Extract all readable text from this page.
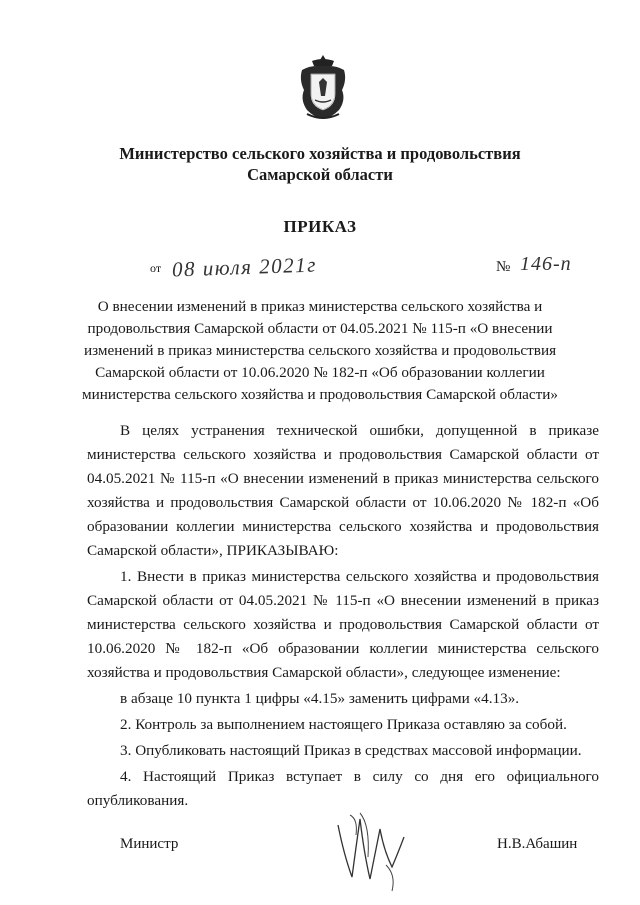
Министерство сельского хозяйства и продовольствия
Самарской области
ПРИКАЗ
от 08 июля 2021г	№ 146-п
О внесении изменений в приказ министерства сельского хозяйства и продовольствия Самарской области от 04.05.2021 № 115-п «О внесении изменений в приказ министерства сельского хозяйства и продовольствия Самарской области от 10.06.2020 № 182-п «Об образовании коллегии министерства сельского хозяйства и продовольствия Самарской области»

В целях устранения технической ошибки, допущенной в приказе министерства сельского хозяйства и продовольствия Самарской области от 04.05.2021 № 115-п «О внесении изменений в приказ министерства сельского хозяйства и продовольствия Самарской области от 10.06.2020 № 182-п «Об образовании коллегии министерства сельского хозяйства и продовольствия Самарской области», ПРИКАЗЫВАЮ:

1. Внести в приказ министерства сельского хозяйства и продовольствия Самарской области от 04.05.2021 № 115-п «О внесении изменений в приказ министерства сельского хозяйства и продовольствия Самарской области от 10.06.2020 № 182-п «Об образовании коллегии министерства сельского хозяйства и продовольствия Самарской области», следующее изменение:

в абзаце 10 пункта 1 цифры «4.15» заменить цифрами «4.13».

2. Контроль за выполнением настоящего Приказа оставляю за собой.

3. Опубликовать настоящий Приказ в средствах массовой информации.

4. Настоящий Приказ вступает в силу со дня его официального опубликования.

Министр	Н.В.Абашин
